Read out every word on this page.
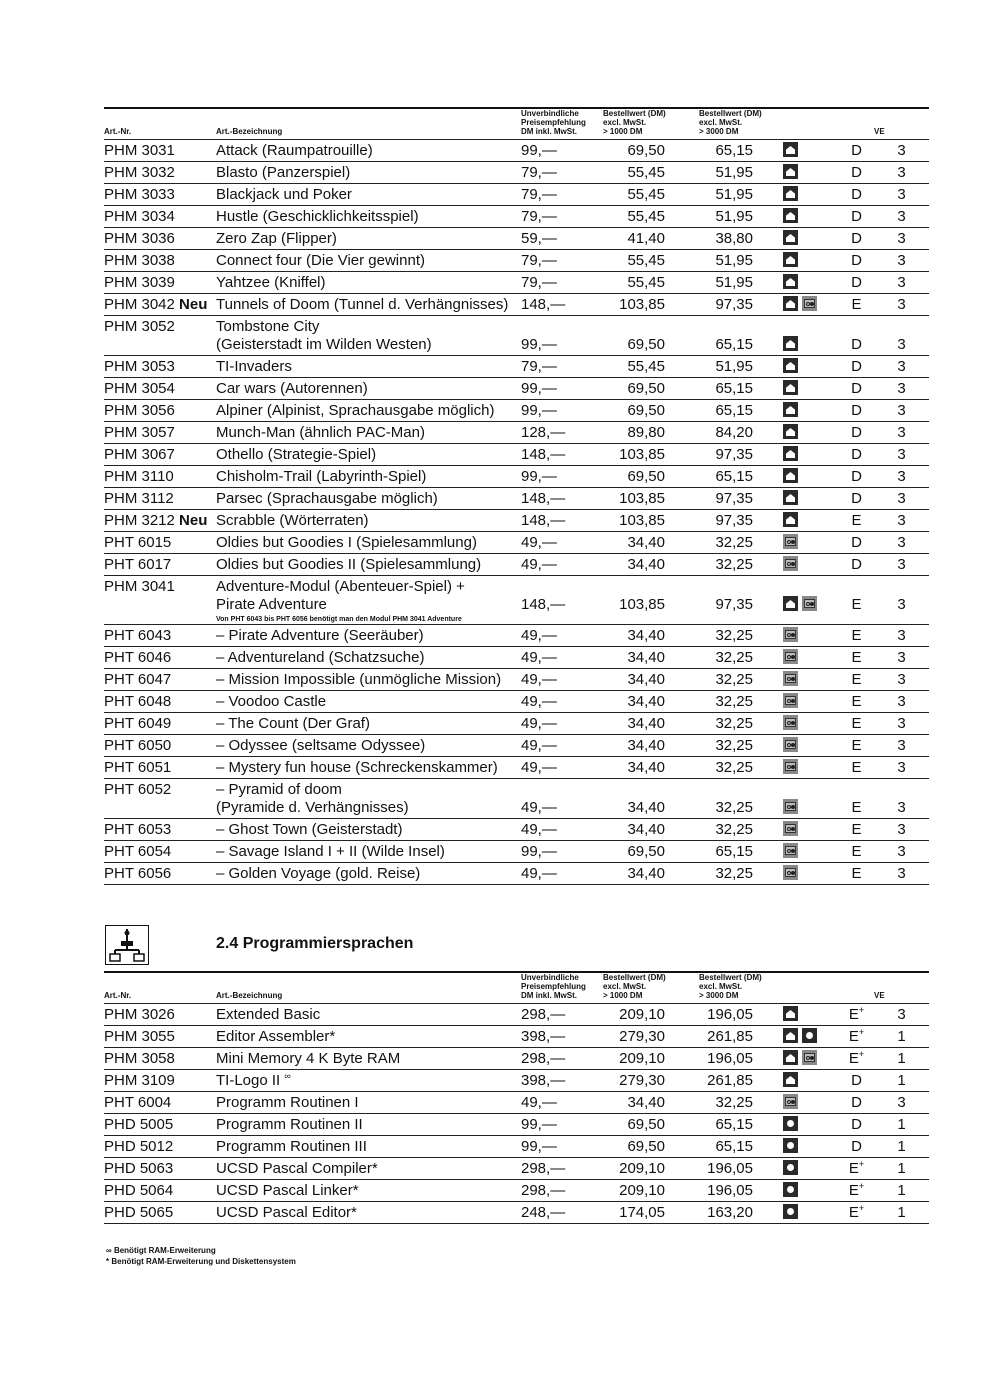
Art.-Nr.	Art.-Bezeichnung	Unverbindliche
Preisempfehlung
DM inkl. MwSt.	Bestellwert (DM)
excl. MwSt.
> 1000 DM	Bestellwert (DM)
excl. MwSt.
> 3000 DM			VE
PHM 3031	Attack (Raumpatrouille)	99,—	69,50	65,15		D	3
PHM 3032	Blasto (Panzerspiel)	79,—	55,45	51,95		D	3
PHM 3033	Blackjack und Poker	79,—	55,45	51,95		D	3
PHM 3034	Hustle (Geschicklichkeitsspiel)	79,—	55,45	51,95		D	3
PHM 3036	Zero Zap (Flipper)	59,—	41,40	38,80		D	3
PHM 3038	Connect four (Die Vier gewinnt)	79,—	55,45	51,95		D	3
PHM 3039	Yahtzee (Kniffel)	79,—	55,45	51,95		D	3
PHM 3042 Neu	Tunnels of Doom (Tunnel d. Verhängnisses)	148,—	103,85	97,35		E	3
PHM 3052	Tombstone City
(Geisterstadt im Wilden Westen)	99,—	69,50	65,15		D	3
PHM 3053	TI-Invaders	79,—	55,45	51,95		D	3
PHM 3054	Car wars (Autorennen)	99,—	69,50	65,15		D	3
PHM 3056	Alpiner (Alpinist, Sprachausgabe möglich)	99,—	69,50	65,15		D	3
PHM 3057	Munch-Man (ähnlich PAC-Man)	128,—	89,80	84,20		D	3
PHM 3067	Othello (Strategie-Spiel)	148,—	103,85	97,35		D	3
PHM 3110	Chisholm-Trail (Labyrinth-Spiel)	99,—	69,50	65,15		D	3
PHM 3112	Parsec (Sprachausgabe möglich)	148,—	103,85	97,35		D	3
PHM 3212 Neu	Scrabble (Wörterraten)	148,—	103,85	97,35		E	3
PHT 6015	Oldies but Goodies I (Spielesammlung)	49,—	34,40	32,25		D	3
PHT 6017	Oldies but Goodies II (Spielesammlung)	49,—	34,40	32,25		D	3
PHM 3041	Adventure-Modul (Abenteuer-Spiel) +
Pirate Adventure	148,—	103,85	97,35		E	3
	Von PHT 6043 bis PHT 6056 benötigt man den Modul PHM 3041 Adventure						
PHT 6043	– Pirate Adventure (Seeräuber)	49,—	34,40	32,25		E	3
PHT 6046	– Adventureland (Schatzsuche)	49,—	34,40	32,25		E	3
PHT 6047	– Mission Impossible (unmögliche Mission)	49,—	34,40	32,25		E	3
PHT 6048	– Voodoo Castle	49,—	34,40	32,25		E	3
PHT 6049	– The Count (Der Graf)	49,—	34,40	32,25		E	3
PHT 6050	– Odyssee (seltsame Odyssee)	49,—	34,40	32,25		E	3
PHT 6051	– Mystery fun house (Schreckenskammer)	49,—	34,40	32,25		E	3
PHT 6052	– Pyramid of doom
(Pyramide d. Verhängnisses)	49,—	34,40	32,25		E	3
PHT 6053	– Ghost Town (Geisterstadt)	49,—	34,40	32,25		E	3
PHT 6054	– Savage Island I + II (Wilde Insel)	99,—	69,50	65,15		E	3
PHT 6056	– Golden Voyage (gold. Reise)	49,—	34,40	32,25		E	3
2.4 Programmiersprachen
Art.-Nr.	Art.-Bezeichnung	Unverbindliche
Preisempfehlung
DM inkl. MwSt.	Bestellwert (DM)
excl. MwSt.
> 1000 DM	Bestellwert (DM)
excl. MwSt.
> 3000 DM			VE
PHM 3026	Extended Basic	298,—	209,10	196,05		E+	3
PHM 3055	Editor Assembler*	398,—	279,30	261,85		E+	1
PHM 3058	Mini Memory 4 K Byte RAM	298,—	209,10	196,05		E+	1
PHM 3109	TI-Logo II ∞	398,—	279,30	261,85		D	1
PHT 6004	Programm Routinen I	49,—	34,40	32,25		D	3
PHD 5005	Programm Routinen II	99,—	69,50	65,15		D	1
PHD 5012	Programm Routinen III	99,—	69,50	65,15		D	1
PHD 5063	UCSD Pascal Compiler*	298,—	209,10	196,05		E+	1
PHD 5064	UCSD Pascal Linker*	298,—	209,10	196,05		E+	1
PHD 5065	UCSD Pascal Editor*	248,—	174,05	163,20		E+	1
∞ Benötigt RAM-Erweiterung
* Benötigt RAM-Erweiterung und Diskettensystem
